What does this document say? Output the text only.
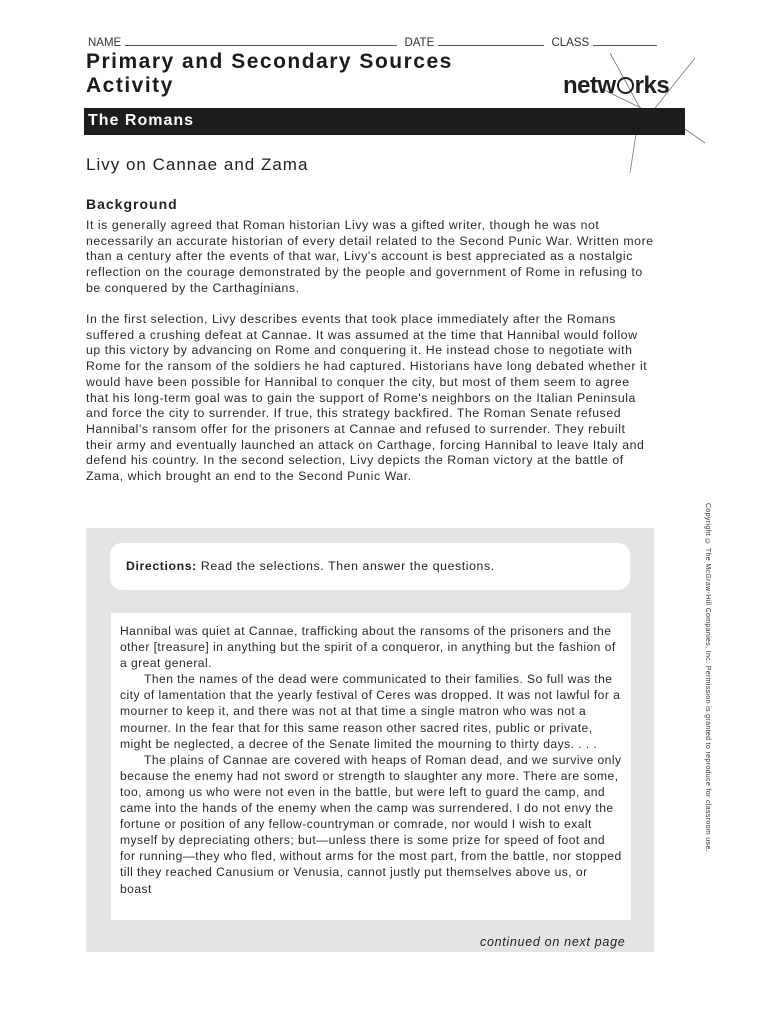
NAME	DATE	CLASS
Primary and Secondary Sources
Activity	netw rks
The Romans
Livy on Cannae and Zama
Background
It is generally agreed that Roman historian Livy was a gifted writer, though he was not necessarily an accurate historian of every detail related to the Second Punic War. Written more than a century after the events of that war, Livy's account is best appreciated as a nostalgic reflection on the courage demonstrated by the people and government of Rome in refusing to be conquered by the Carthaginians.
In the first selection, Livy describes events that took place immediately after the Romans suffered a crushing defeat at Cannae. It was assumed at the time that Hannibal would follow up this victory by advancing on Rome and conquering it. He instead chose to negotiate with Rome for the ransom of the soldiers he had captured. Historians have long debated whether it would have been possible for Hannibal to conquer the city, but most of them seem to agree that his long-term goal was to gain the support of Rome's neighbors on the Italian Peninsula and force the city to surrender. If true, this strategy backfired. The Roman Senate refused Hannibal's ransom offer for the prisoners at Cannae and refused to surrender. They rebuilt their army and eventually launched an attack on Carthage, forcing Hannibal to leave Italy and defend his country. In the second selection, Livy depicts the Roman victory at the battle of Zama, which brought an end to the Second Punic War.
Copyright © The McGraw-Hill Companies, Inc. Permission is granted to reproduce for classroom use.
Directions: Read the selections. Then answer the questions.

Hannibal was quiet at Cannae, trafficking about the ransoms of the prisoners and the other [treasure] in anything but the spirit of a conqueror, in anything but the fashion of a great general.

Then the names of the dead were communicated to their families. So full was the city of lamentation that the yearly festival of Ceres was dropped. It was not lawful for a mourner to keep it, and there was not at that time a single matron who was not a mourner. In the fear that for this same reason other sacred rites, public or private, might be neglected, a decree of the Senate limited the mourning to thirty days. . . .

The plains of Cannae are covered with heaps of Roman dead, and we survive only because the enemy had not sword or strength to slaughter any more. There are some, too, among us who were not even in the battle, but were left to guard the camp, and came into the hands of the enemy when the camp was surrendered. I do not envy the fortune or position of any fellow-countryman or comrade, nor would I wish to exalt myself by depreciating others; but—unless there is some prize for speed of foot and for running—they who fled, without arms for the most part, from the battle, nor stopped till they reached Canusium or Venusia, cannot justly put themselves above us, or boast

continued on next page
